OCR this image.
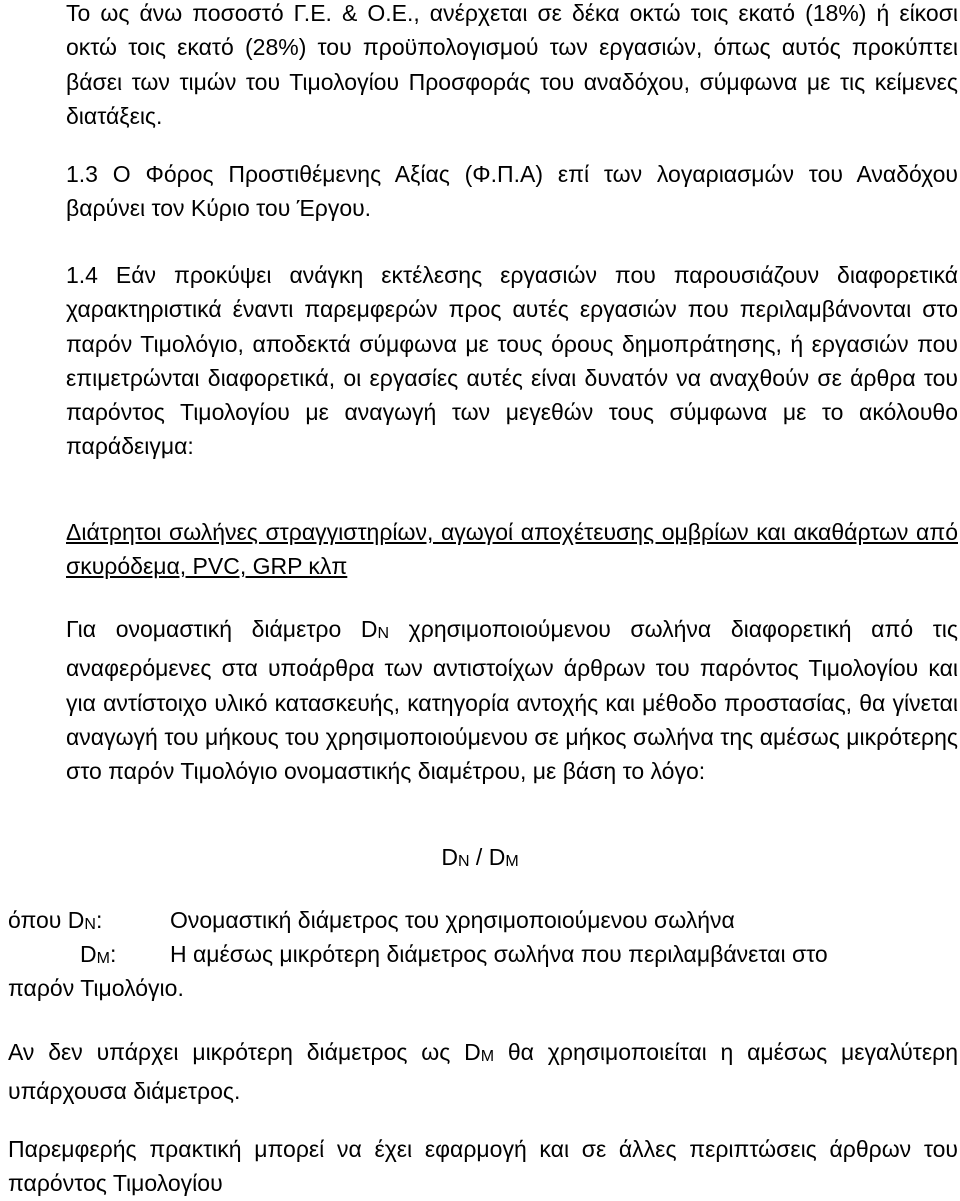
Το ως άνω ποσοστό Γ.Ε. & Ο.Ε., ανέρχεται σε δέκα οκτώ τοις εκατό (18%) ή είκοσι οκτώ τοις εκατό (28%) του προϋπολογισμού των εργασιών, όπως αυτός προκύπτει βάσει των τιμών του Τιμολογίου Προσφοράς του αναδόχου, σύμφωνα με τις κείμενες διατάξεις.

1.3 Ο Φόρος Προστιθέμενης Αξίας (Φ.Π.Α) επί των λογαριασμών του Αναδόχου βαρύνει τον Κύριο του Έργου.

1.4 Εάν προκύψει ανάγκη εκτέλεσης εργασιών που παρουσιάζουν διαφορετικά χαρακτηριστικά έναντι παρεμφερών προς αυτές εργασιών που περιλαμβάνονται στο παρόν Τιμολόγιο, αποδεκτά σύμφωνα με τους όρους δημοπράτησης, ή εργασιών που επιμετρώνται διαφορετικά, οι εργασίες αυτές είναι δυνατόν να αναχθούν σε άρθρα του παρόντος Τιμολογίου με αναγωγή των μεγεθών τους σύμφωνα με το ακόλουθο παράδειγμα:

Διάτρητοι σωλήνες στραγγιστηρίων, αγωγοί αποχέτευσης ομβρίων και ακαθάρτων από σκυρόδεμα, PVC, GRP κλπ

Για ονομαστική διάμετρο $D_N$ χρησιμοποιούμενου σωλήνα διαφορετική από τις αναφερόμενες στα υποάρθρα των αντιστοίχων άρθρων του παρόντος Τιμολογίου και για αντίστοιχο υλικό κατασκευής, κατηγορία αντοχής και μέθοδο προστασίας, θα γίνεται αναγωγή του μήκους του χρησιμοποιούμενου σε μήκος σωλήνα της αμέσως μικρότερης στο παρόν Τιμολόγιο ονομαστικής διαμέτρου, με βάση το λόγο:

$D_N / D_M$
όπου $D_N$:	Ονομαστική διάμετρος του χρησιμοποιούμενου σωλήνα
$D_M$:	Η αμέσως μικρότερη διάμετρος σωλήνα που περιλαμβάνεται στο
παρόν Τιμολόγιο.

Αν δεν υπάρχει μικρότερη διάμετρος ως $D_M$ θα χρησιμοποιείται η αμέσως μεγαλύτερη υπάρχουσα διάμετρος.

Παρεμφερής πρακτική μπορεί να έχει εφαρμογή και σε άλλες περιπτώσεις άρθρων του παρόντος Τιμολογίου
